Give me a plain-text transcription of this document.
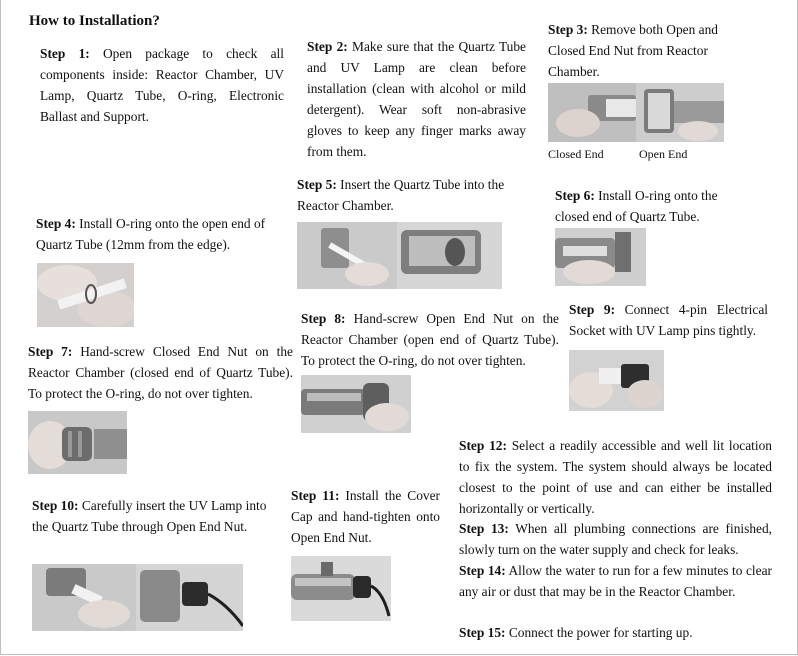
How to Installation?
Step 1: Open package to check all components inside: Reactor Chamber, UV Lamp, Quartz Tube, O-ring, Electronic Ballast and Support.
Step 2: Make sure that the Quartz Tube and UV Lamp are clean before installation (clean with alcohol or mild detergent). Wear soft non-abrasive gloves to keep any finger marks away from them.
Step 3: Remove both Open and Closed End Nut from Reactor Chamber.
Closed End	Open End
Step 4: Install O-ring onto the open end of Quartz Tube (12mm from the edge).
Step 5: Insert the Quartz Tube into the Reactor Chamber.
Step 6: Install O-ring onto the closed end of Quartz Tube.
Step 7: Hand-screw Closed End Nut on the Reactor Chamber (closed end of Quartz Tube). To protect the O-ring, do not over tighten.
Step 8: Hand-screw Open End Nut on the Reactor Chamber (open end of Quartz Tube). To protect the O-ring, do not over tighten.
Step 9: Connect 4-pin Electrical Socket with UV Lamp pins tightly.
Step 10: Carefully insert the UV Lamp into the Quartz Tube through Open End Nut.
Step 11: Install the Cover Cap and hand-tighten onto Open End Nut.
Step 12: Select a readily accessible and well lit location to fix the system. The system should always be located closest to the point of use and can either be installed horizontally or vertically.
Step 13: When all plumbing connections are finished, slowly turn on the water supply and check for leaks.
Step 14: Allow the water to run for a few minutes to clear any air or dust that may be in the Reactor Chamber.
Step 15: Connect the power for starting up.
